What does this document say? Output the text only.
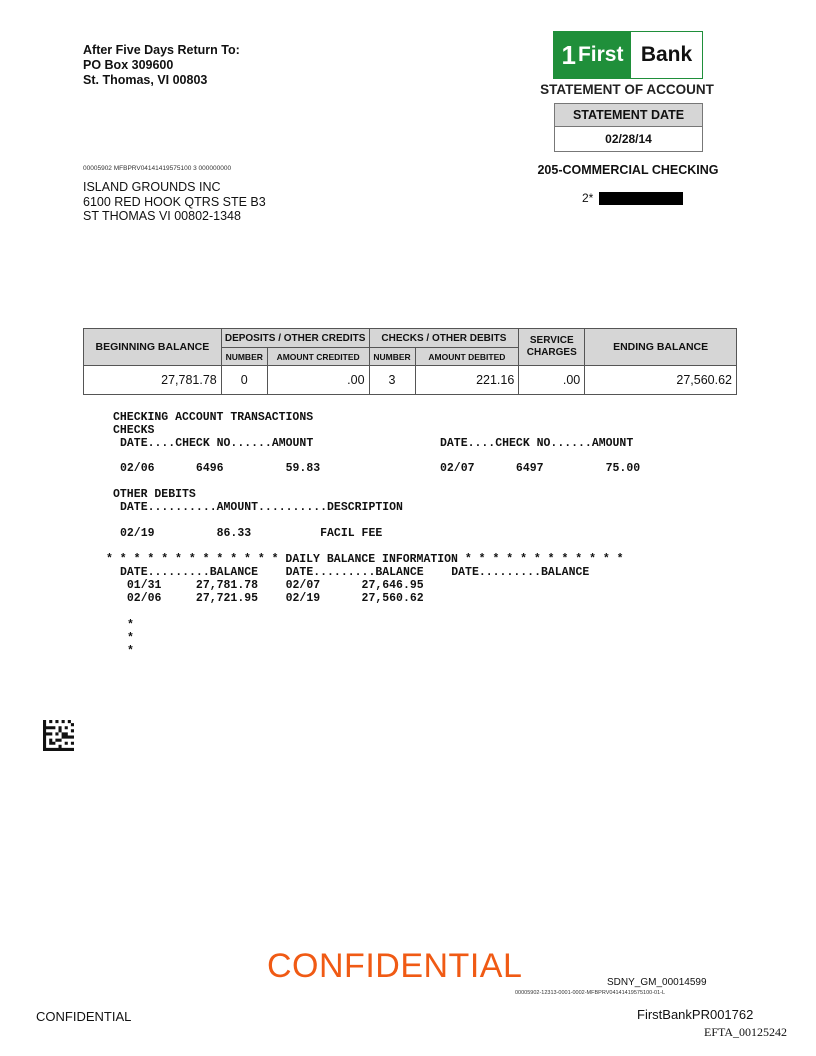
After Five Days Return To:
PO Box 309600
St. Thomas, VI 00803
1 First Bank
STATEMENT OF ACCOUNT
STATEMENT DATE
02/28/14
205-COMMERCIAL CHECKING
2*
00005902 MFBPRV04141419575100 3 000000000
ISLAND GROUNDS INC
6100 RED HOOK QTRS STE B3
ST THOMAS VI 00802-1348
BEGINNING BALANCE	DEPOSITS / OTHER CREDITS		CHECKS / OTHER DEBITS		SERVICE
CHARGES	ENDING BALANCE
	NUMBER	AMOUNT CREDITED	NUMBER	AMOUNT DEBITED		
27,781.78	0	.00	3	221.16	.00	27,560.62
CHECKING ACCOUNT TRANSACTIONS
CHECKS
DATE....CHECK NO......AMOUNT	DATE....CHECK NO......AMOUNT
02/06      6496         59.83	02/07      6497         75.00
OTHER DEBITS
DATE..........AMOUNT..........DESCRIPTION
02/19         86.33          FACIL FEE
* * * * * * * * * * * * * DAILY BALANCE INFORMATION * * * * * * * * * * * *
DATE.........BALANCE    DATE.........BALANCE    DATE.........BALANCE
01/31     27,781.78    02/07      27,646.95
02/06     27,721.95    02/19      27,560.62
*
*
*
CONFIDENTIAL	SDNY_GM_00014599
00005902-12313-0001-0002-MFBPRV04141419575100-01-L
CONFIDENTIAL	FirstBankPR001762
EFTA_00125242
